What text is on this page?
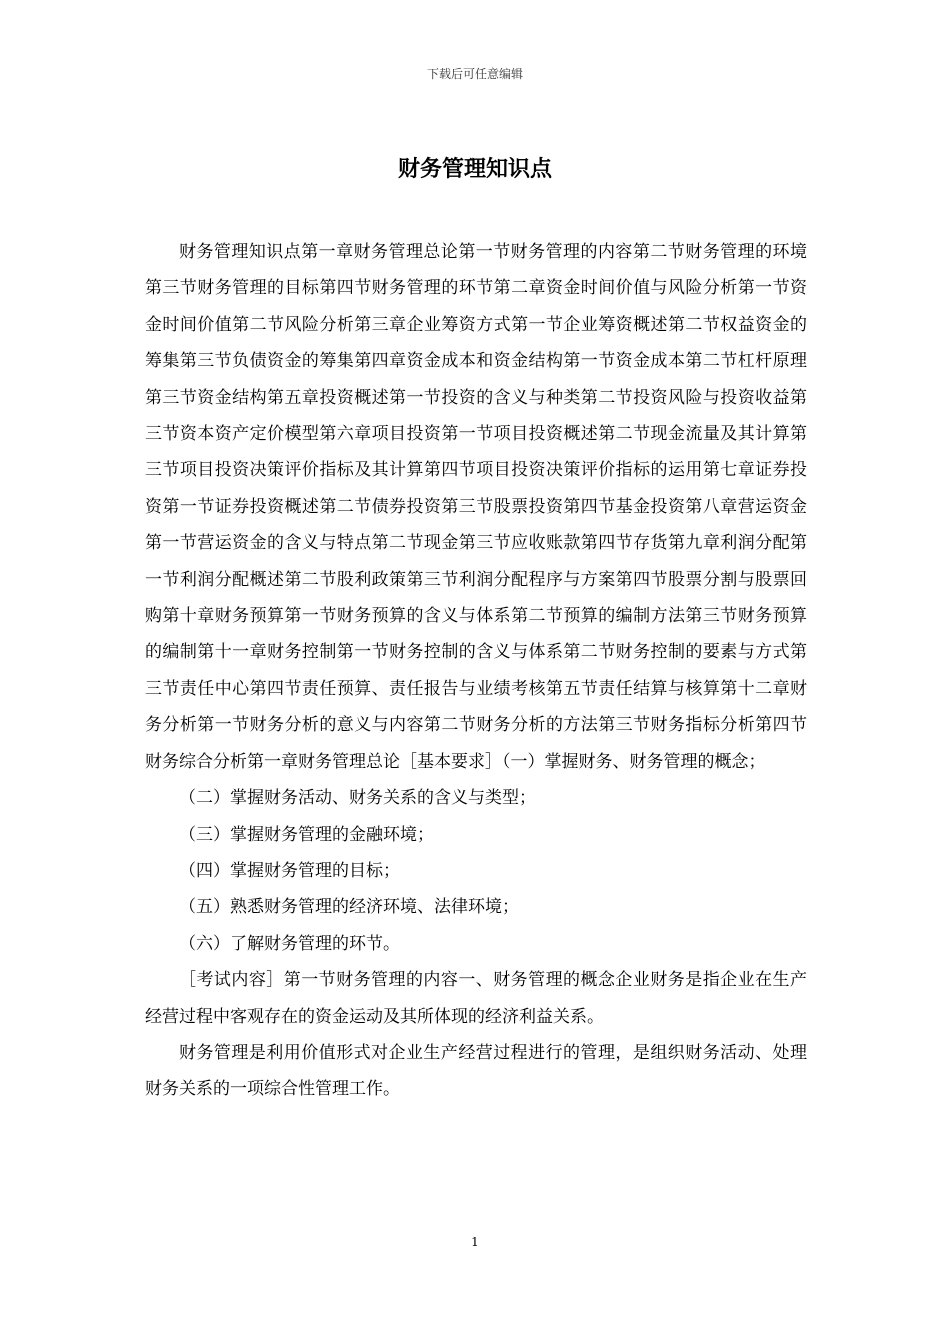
下载后可任意编辑
财务管理知识点

财务管理知识点第一章财务管理总论第一节财务管理的内容第二节财务管理的环境第三节财务管理的目标第四节财务管理的环节第二章资金时间价值与风险分析第一节资金时间价值第二节风险分析第三章企业筹资方式第一节企业筹资概述第二节权益资金的筹集第三节负债资金的筹集第四章资金成本和资金结构第一节资金成本第二节杠杆原理第三节资金结构第五章投资概述第一节投资的含义与种类第二节投资风险与投资收益第三节资本资产定价模型第六章项目投资第一节项目投资概述第二节现金流量及其计算第三节项目投资决策评价指标及其计算第四节项目投资决策评价指标的运用第七章证券投资第一节证券投资概述第二节债券投资第三节股票投资第四节基金投资第八章营运资金第一节营运资金的含义与特点第二节现金第三节应收账款第四节存货第九章利润分配第一节利润分配概述第二节股利政策第三节利润分配程序与方案第四节股票分割与股票回购第十章财务预算第一节财务预算的含义与体系第二节预算的编制方法第三节财务预算的编制第十一章财务控制第一节财务控制的含义与体系第二节财务控制的要素与方式第三节责任中心第四节责任预算、责任报告与业绩考核第五节责任结算与核算第十二章财务分析第一节财务分析的意义与内容第二节财务分析的方法第三节财务指标分析第四节财务综合分析第一章财务管理总论［基本要求］（一）掌握财务、财务管理的概念；

（二）掌握财务活动、财务关系的含义与类型；

（三）掌握财务管理的金融环境；

（四）掌握财务管理的目标；

（五）熟悉财务管理的经济环境、法律环境；

（六）了解财务管理的环节。

［考试内容］第一节财务管理的内容一、财务管理的概念企业财务是指企业在生产经营过程中客观存在的资金运动及其所体现的经济利益关系。

财务管理是利用价值形式对企业生产经营过程进行的管理，是组织财务活动、处理财务关系的一项综合性管理工作。

1
